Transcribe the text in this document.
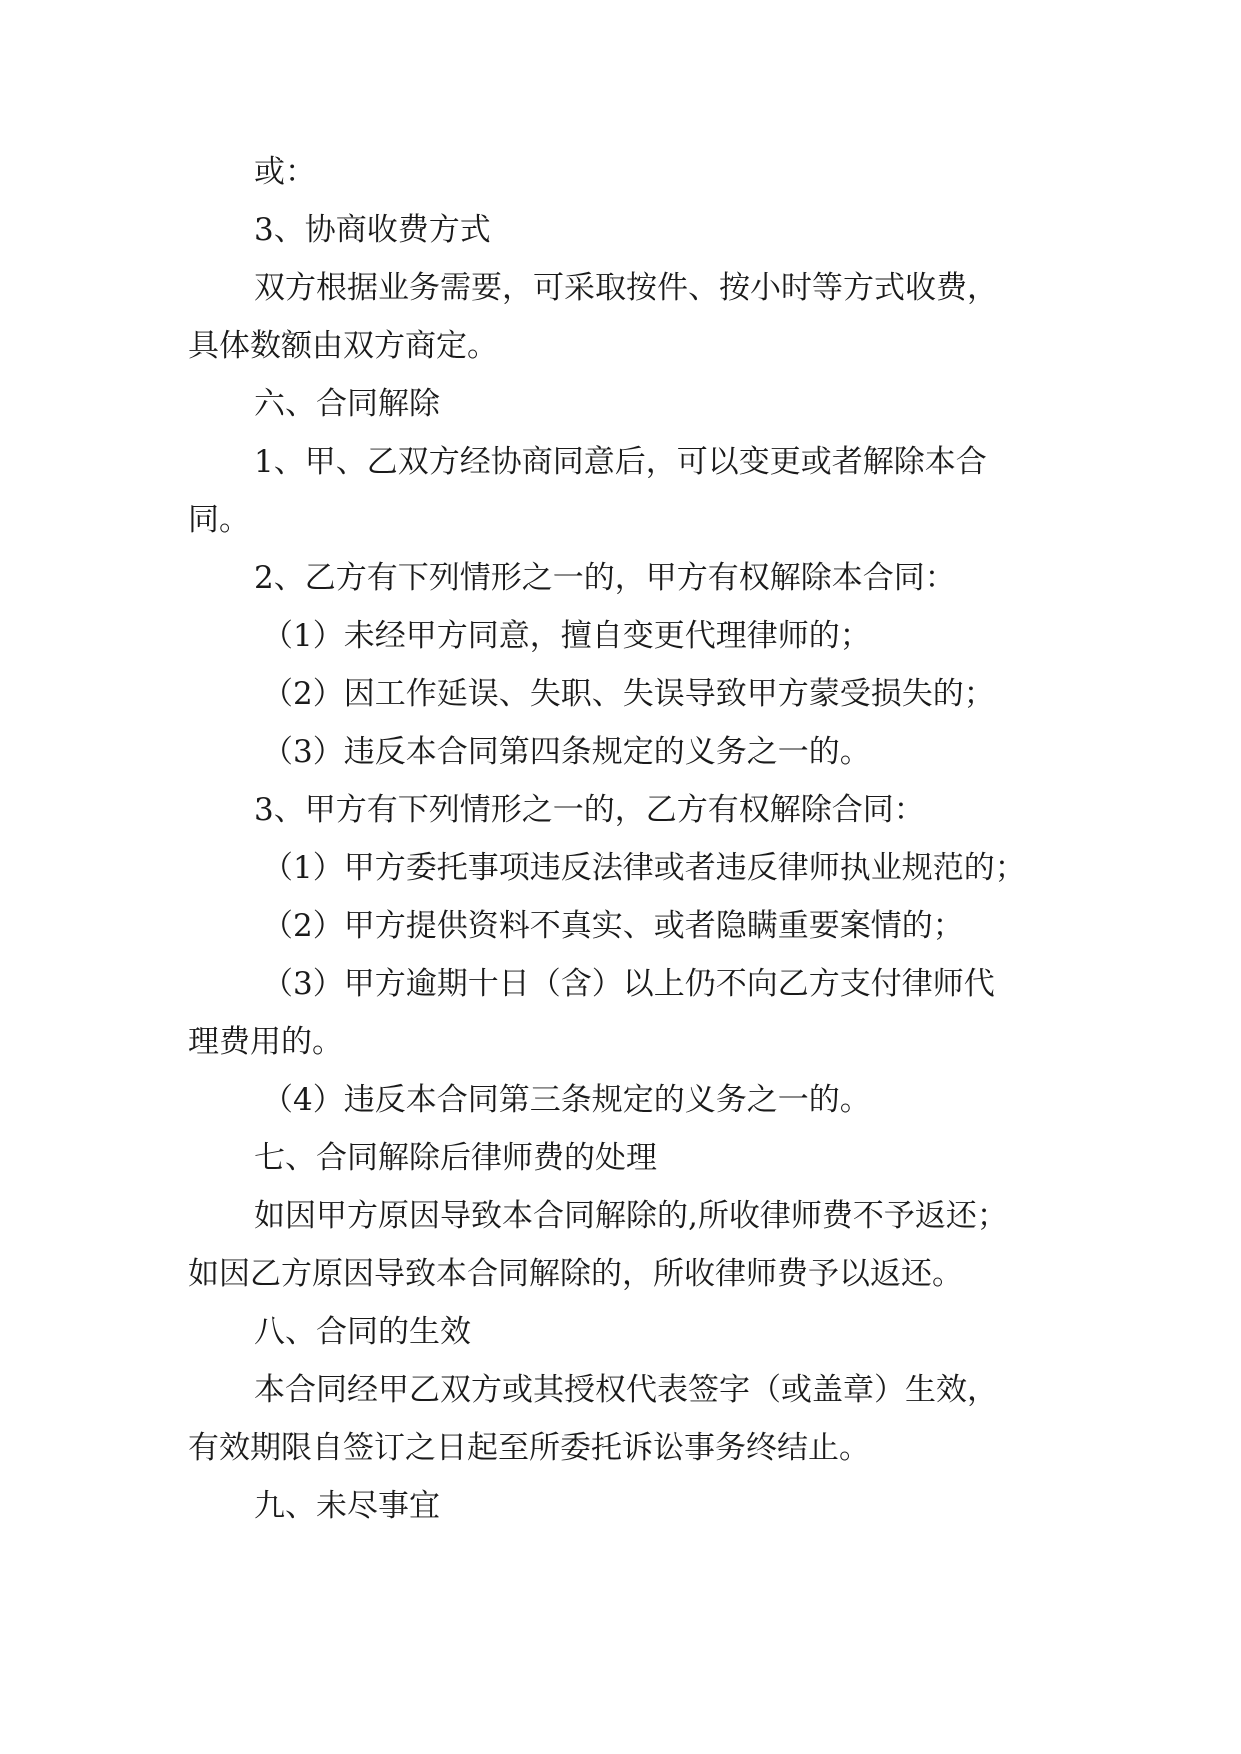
或：
3、协商收费方式
双方根据业务需要，可采取按件、按小时等方式收费，
具体数额由双方商定。
六、合同解除
1、甲、乙双方经协商同意后，可以变更或者解除本合
同。
2、乙方有下列情形之一的，甲方有权解除本合同：
（1）未经甲方同意，擅自变更代理律师的；
（2）因工作延误、失职、失误导致甲方蒙受损失的；
（3）违反本合同第四条规定的义务之一的。
3、甲方有下列情形之一的，乙方有权解除合同：
（1）甲方委托事项违反法律或者违反律师执业规范的；
（2）甲方提供资料不真实、或者隐瞒重要案情的；
（3）甲方逾期十日（含）以上仍不向乙方支付律师代
理费用的。
（4）违反本合同第三条规定的义务之一的。
七、合同解除后律师费的处理
如因甲方原因导致本合同解除的,所收律师费不予返还；
如因乙方原因导致本合同解除的，所收律师费予以返还。
八、合同的生效
本合同经甲乙双方或其授权代表签字（或盖章）生效，
有效期限自签订之日起至所委托诉讼事务终结止。
九、未尽事宜
